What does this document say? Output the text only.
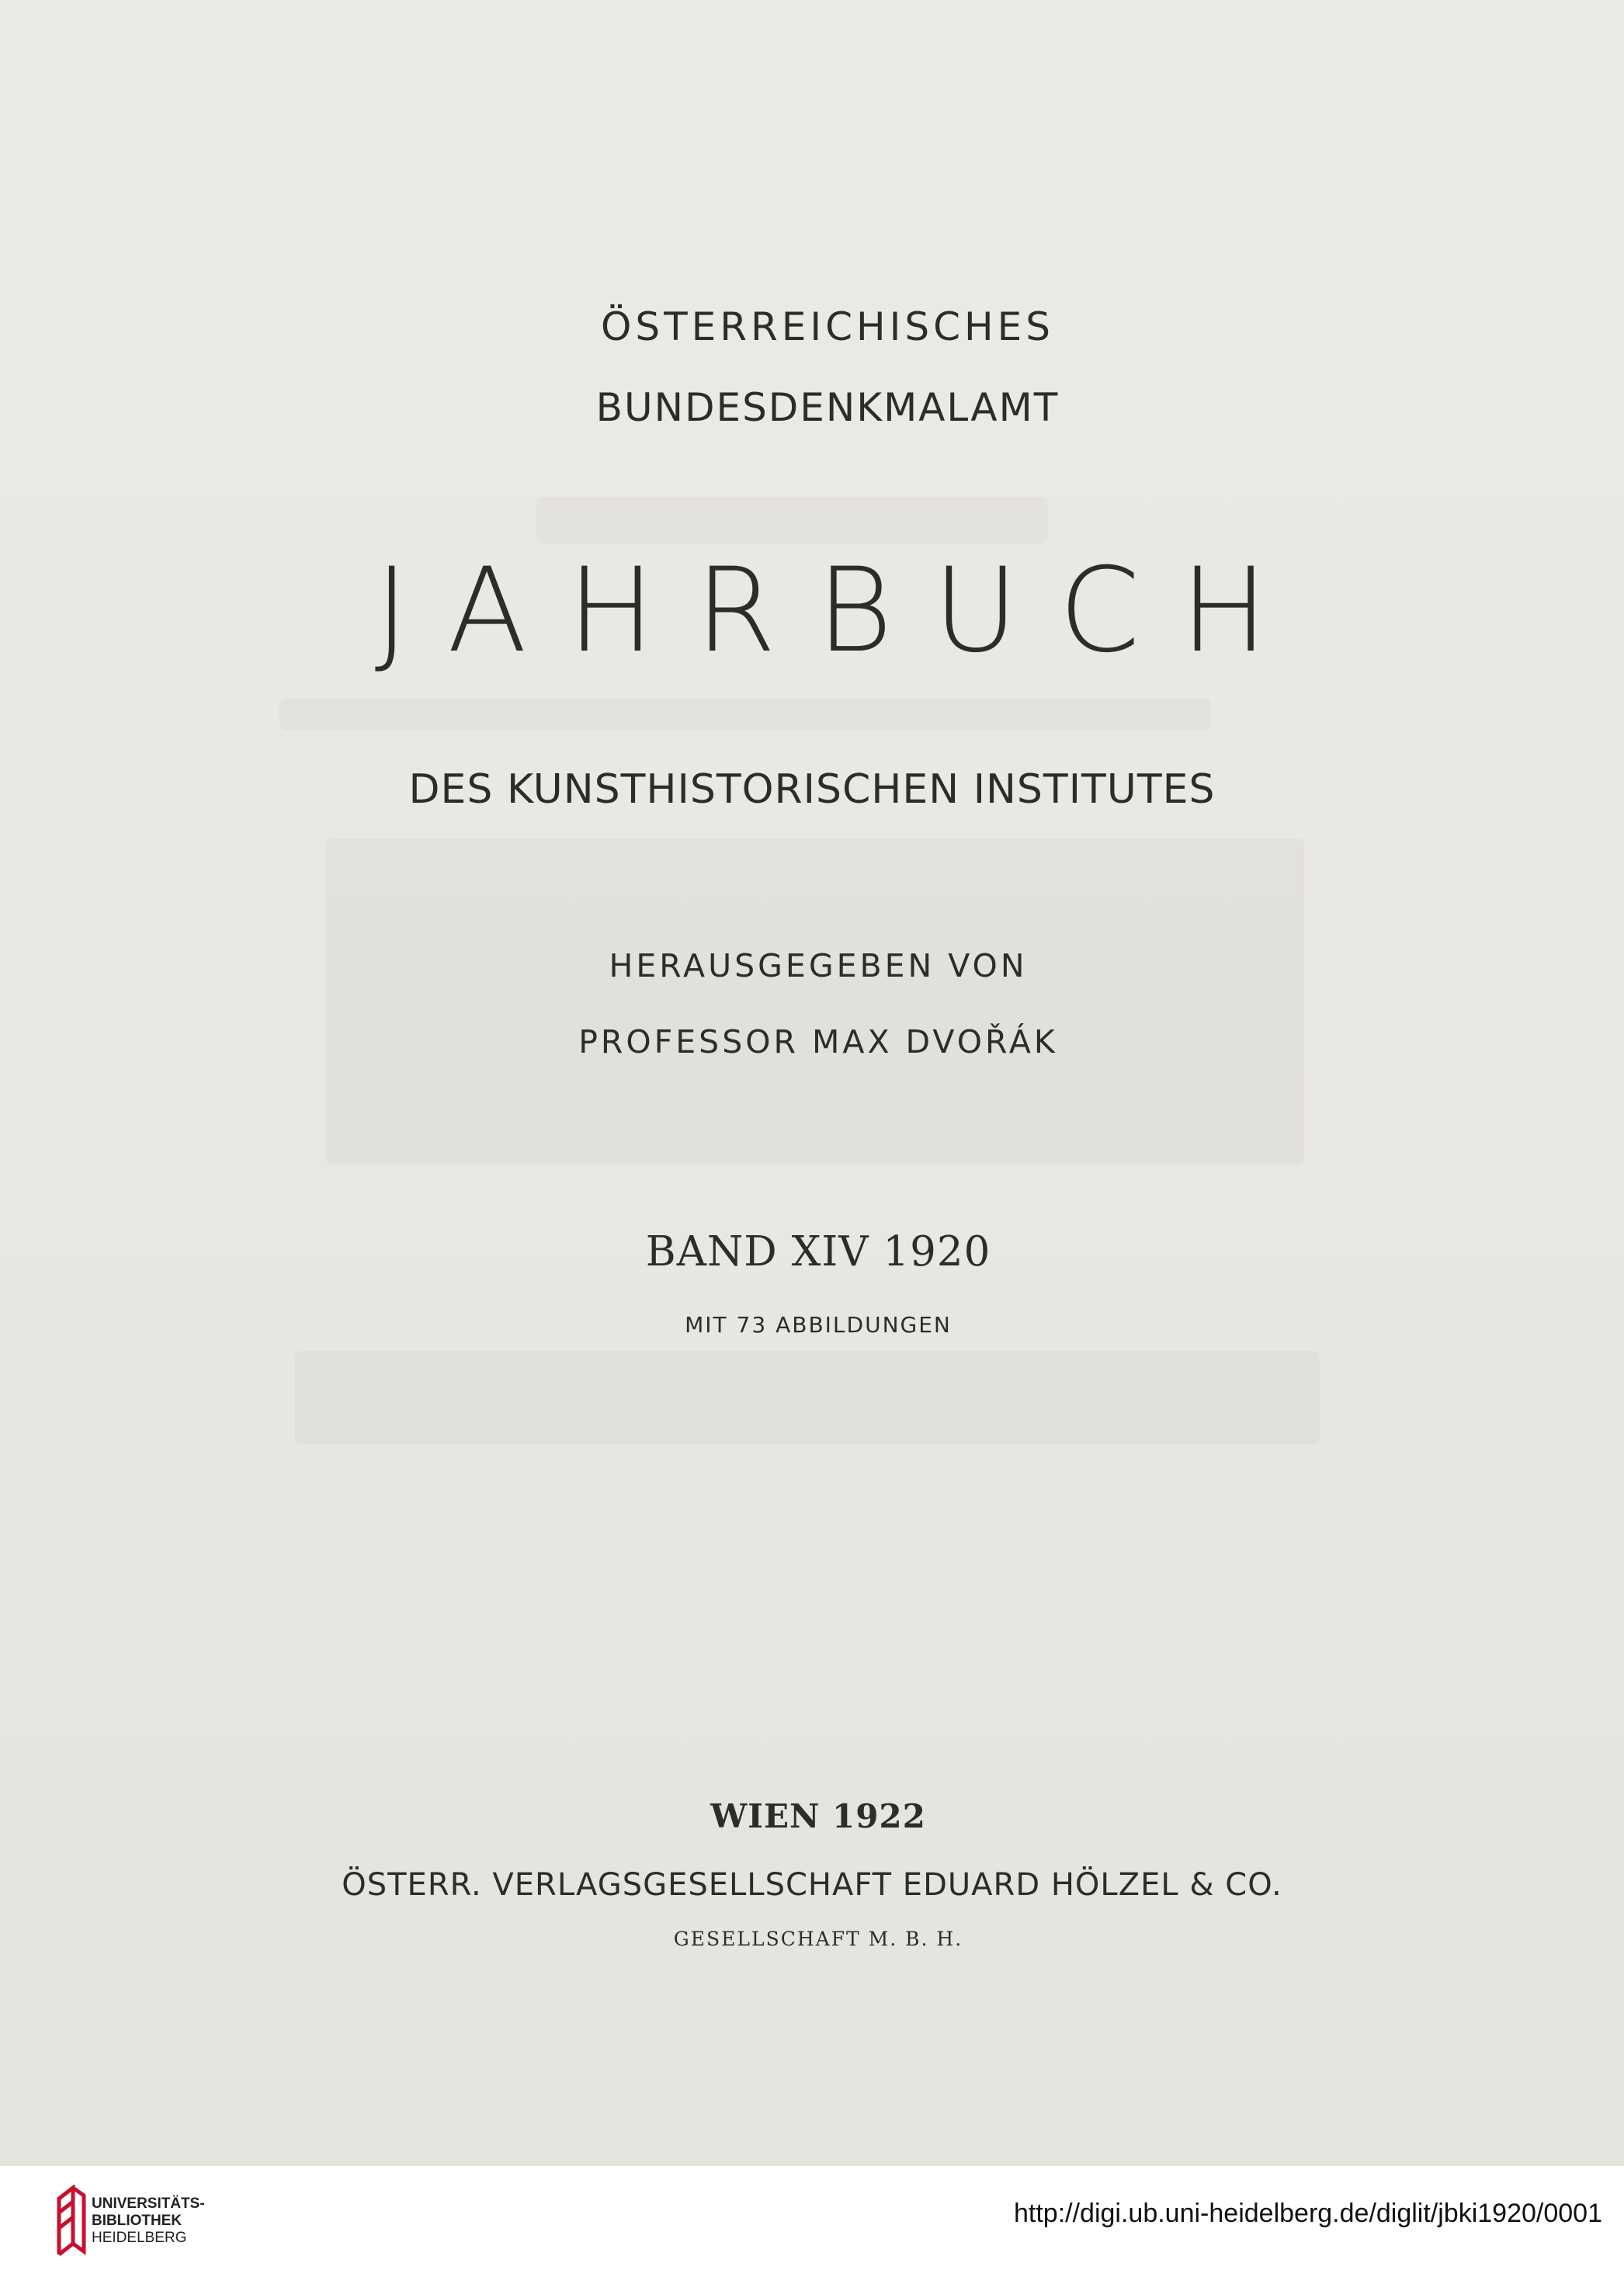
ÖSTERREICHISCHES
BUNDESDENKMALAMT
JAHRBUCH
DES KUNSTHISTORISCHEN INSTITUTES
HERAUSGEGEBEN VON
PROFESSOR MAX DVOŘÁK
BAND XIV 1920
MIT 73 ABBILDUNGEN
WIEN 1922
ÖSTERR. VERLAGSGESELLSCHAFT EDUARD HÖLZEL & CO.
GESELLSCHAFT M. B. H.
UNIVERSITÄTS-
BIBLIOTHEK
HEIDELBERG
http://digi.ub.uni-heidelberg.de/diglit/jbki1920/0001
